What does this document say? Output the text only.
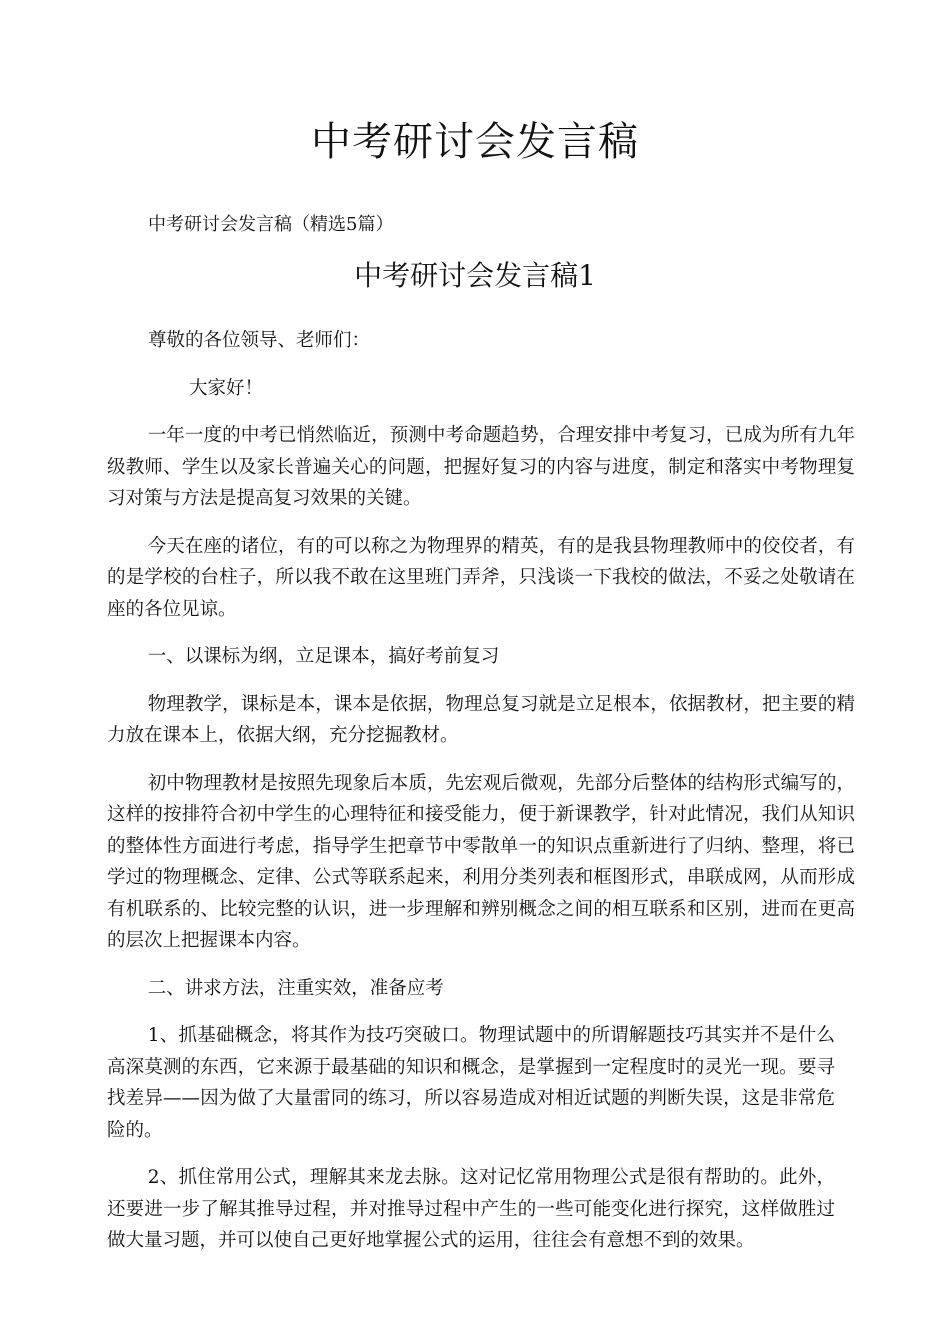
中考研讨会发言稿

中考研讨会发言稿（精选5篇）

中考研讨会发言稿1

尊敬的各位领导、老师们：

大家好！

一年一度的中考已悄然临近，预测中考命题趋势，合理安排中考复习，已成为所有九年级教师、学生以及家长普遍关心的问题，把握好复习的内容与进度，制定和落实中考物理复习对策与方法是提高复习效果的关键。

今天在座的诸位，有的可以称之为物理界的精英，有的是我县物理教师中的佼佼者，有的是学校的台柱子，所以我不敢在这里班门弄斧，只浅谈一下我校的做法，不妥之处敬请在座的各位见谅。

一、以课标为纲，立足课本，搞好考前复习

物理教学，课标是本，课本是依据，物理总复习就是立足根本，依据教材，把主要的精力放在课本上，依据大纲，充分挖掘教材。

初中物理教材是按照先现象后本质，先宏观后微观，先部分后整体的结构形式编写的，这样的按排符合初中学生的心理特征和接受能力，便于新课教学，针对此情况，我们从知识的整体性方面进行考虑，指导学生把章节中零散单一的知识点重新进行了归纳、整理，将已学过的物理概念、定律、公式等联系起来，利用分类列表和框图形式，串联成网，从而形成有机联系的、比较完整的认识，进一步理解和辨别概念之间的相互联系和区别，进而在更高的层次上把握课本内容。

二、讲求方法，注重实效，准备应考

1、抓基础概念，将其作为技巧突破口。物理试题中的所谓解题技巧其实并不是什么高深莫测的东西，它来源于最基础的知识和概念，是掌握到一定程度时的灵光一现。要寻找差异——因为做了大量雷同的练习，所以容易造成对相近试题的判断失误，这是非常危险的。

2、抓住常用公式，理解其来龙去脉。这对记忆常用物理公式是很有帮助的。此外，还要进一步了解其推导过程，并对推导过程中产生的一些可能变化进行探究，这样做胜过做大量习题，并可以使自己更好地掌握公式的运用，往往会有意想不到的效果。
